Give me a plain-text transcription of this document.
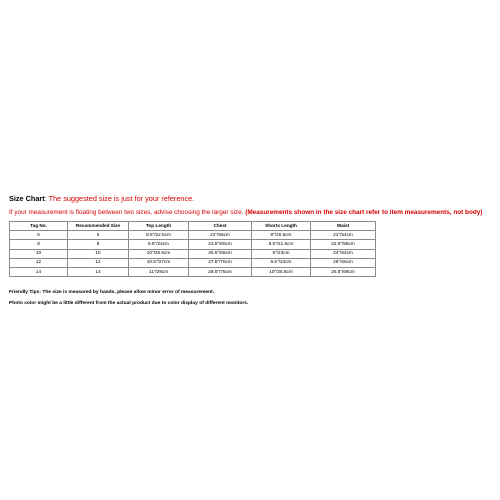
Size Chart: The suggested size is just for your reference.
If your measurement is floating between two sizes, advise choosing the larger size. (Measurements shown in the size chart refer to item measurements, not body)
Tag No.	Recommended Size	Top Length	Chest	Shorts Length	Waist
6	6	8.5"/22.5cm	22"/56cm	8"/20.5cm	21"/54cm
8	8	9.5"/24cm	23.5"/60cm	8.5"/21.5cm	22.5"/58cm
10	10	10"/25.5cm	25.5"/65cm	9"/23cm	24"/62cm
12	12	10.5"/27cm	27.5"/70cm	9.5"/24cm	26"/66cm
14	14	11"/29cm	29.5"/75cm	10"/25.5cm	26.5"/68cm
Friendly Tips: The size is measured by hands, please allow minor error of measurement.
Photo color might be a little different from the actual product due to color display of different monitors.
